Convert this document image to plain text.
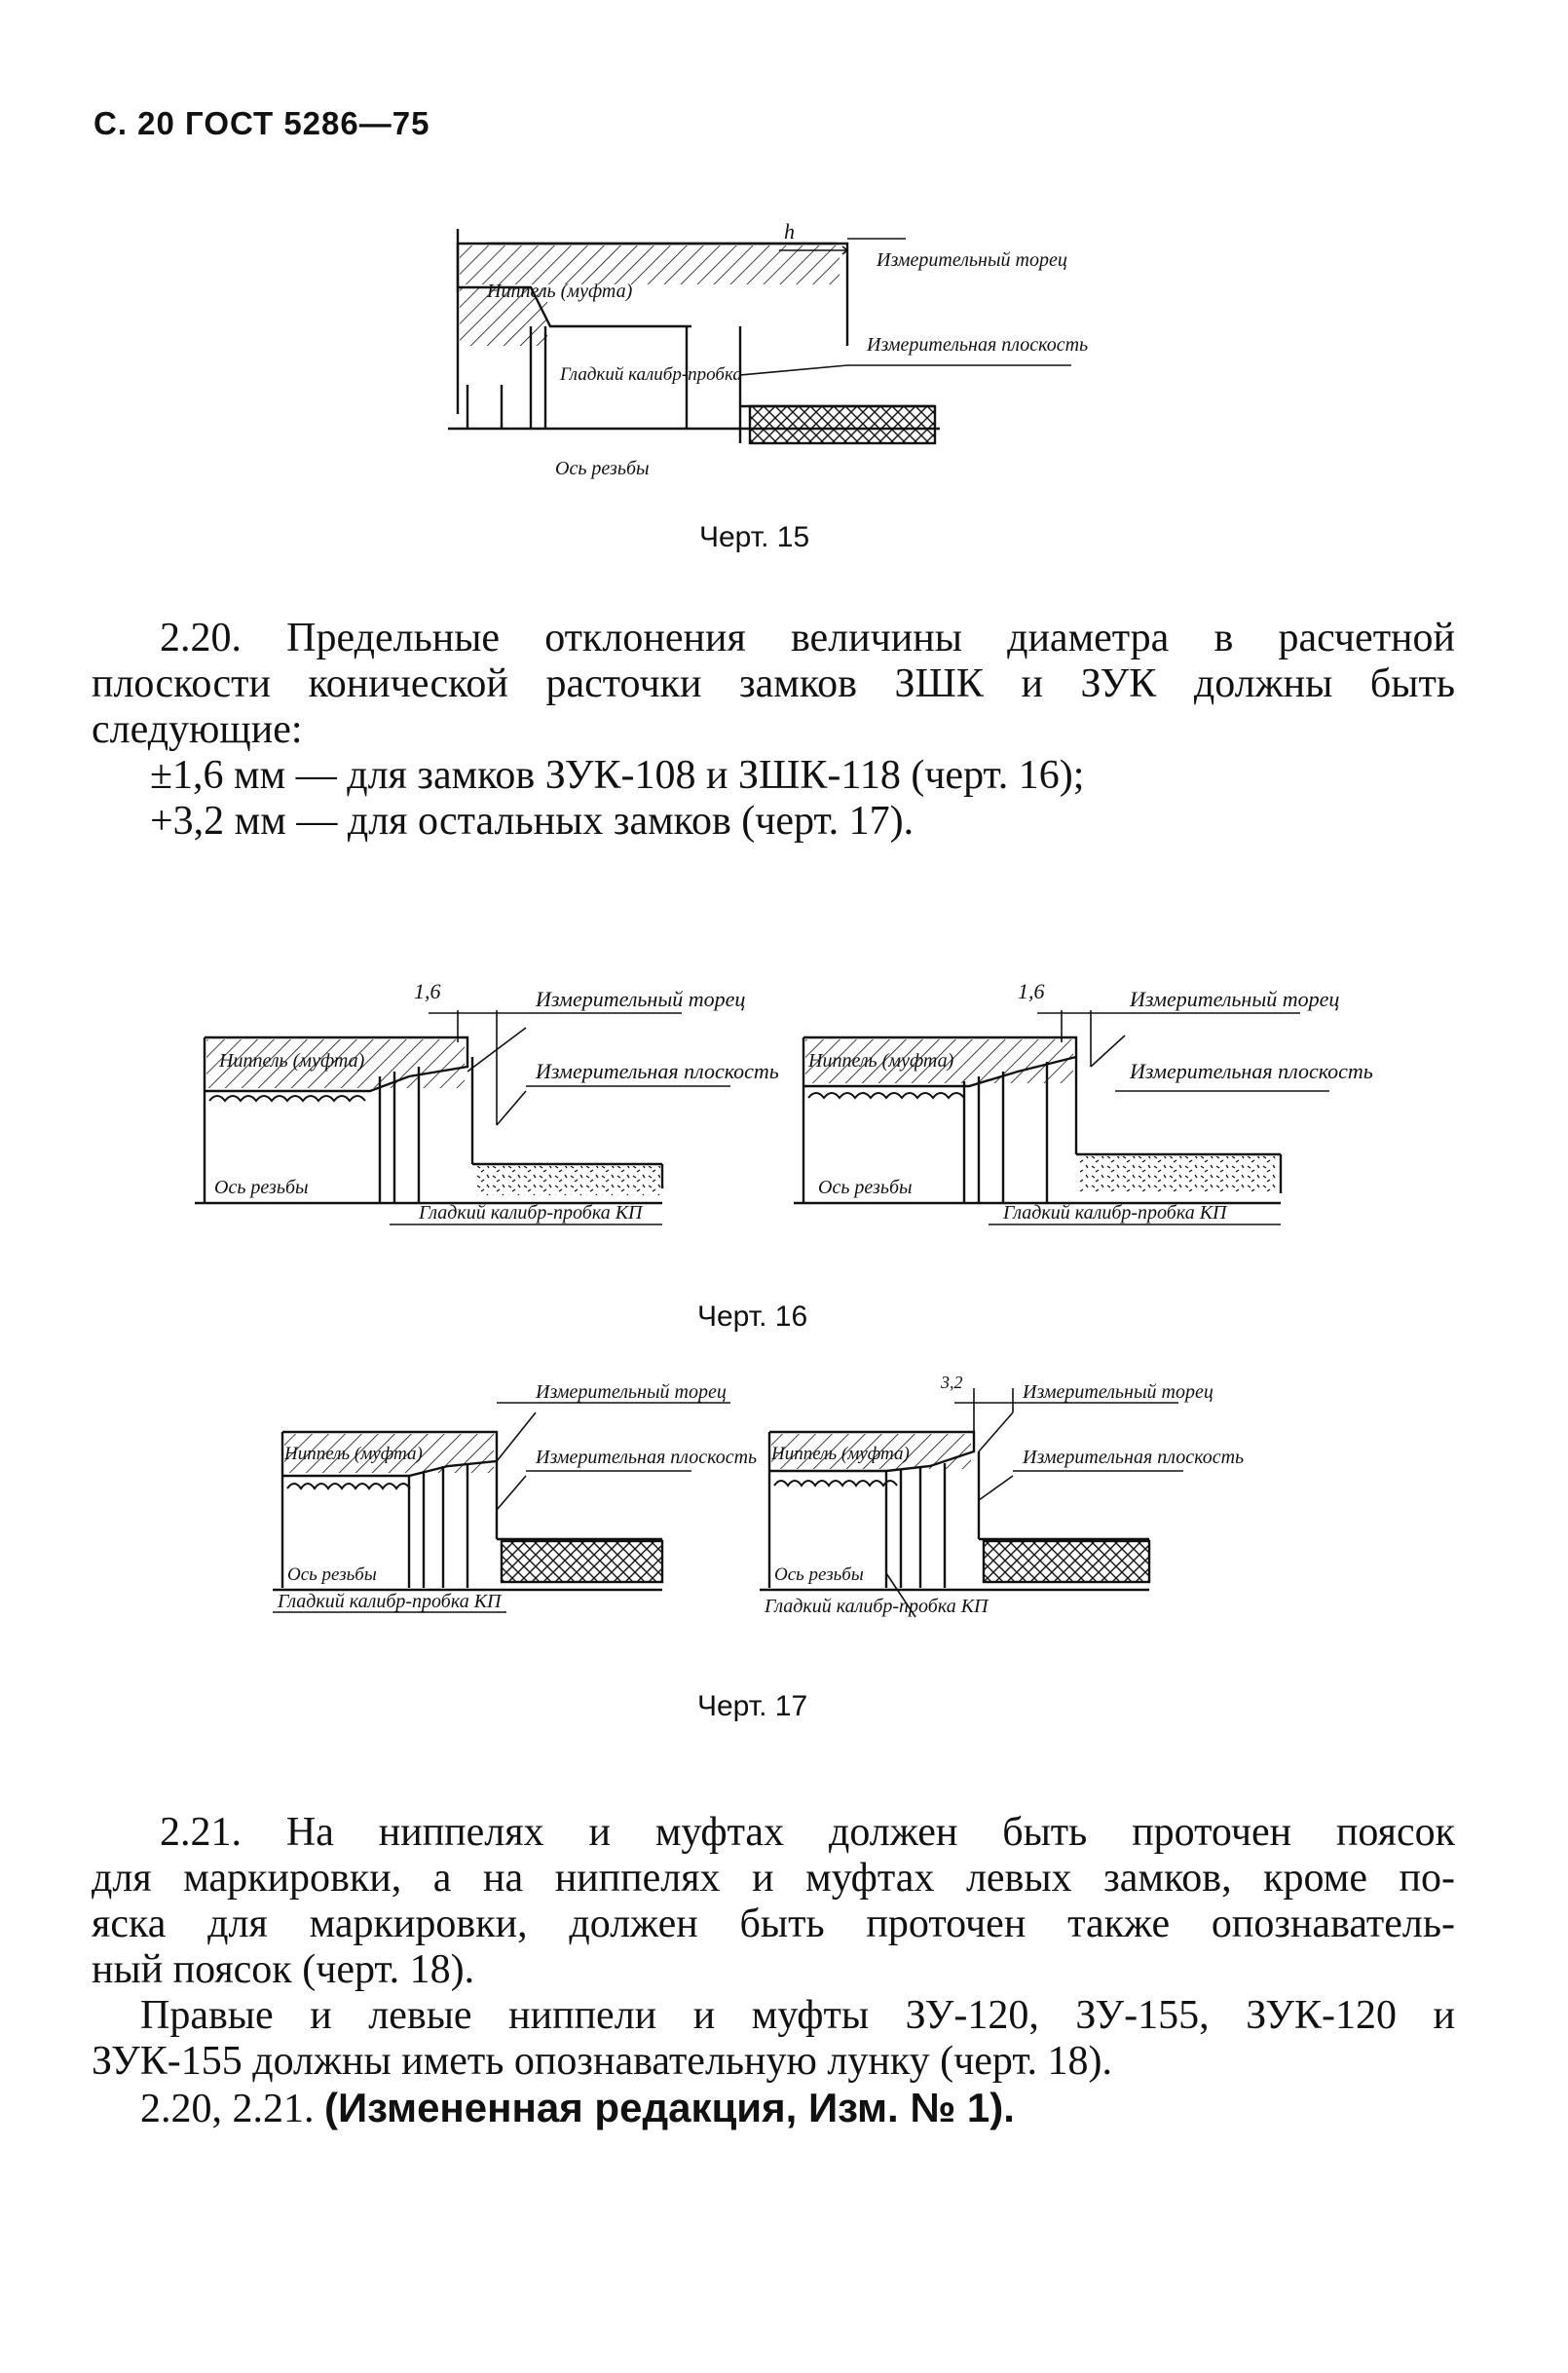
С. 20 ГОСТ 5286—75
h
Измерительный торец
Ниппель (муфта)
Гладкий калибр-пробка
Измерительная плоскость
Ось резьбы
Черт. 15
2.20. Предельные отклонения величины диаметра в расчетной
плоскости конической расточки замков ЗШК и ЗУК должны быть
следующие:
±1,6 мм — для замков ЗУК-108 и ЗШК-118 (черт. 16);
+3,2 мм — для остальных замков (черт. 17).
1,6	Измерительный торец
Ниппель (муфта)	Измерительная плоскость
Ось резьбы
Гладкий калибр-пробка КП
1,6	Измерительный торец
Ниппель (муфта)	Измерительная плоскость
Ось резьбы
Гладкий калибр-пробка КП
Черт. 16
Измерительный торец
Ниппель (муфта)	Измерительная плоскость
Ось резьбы
Гладкий калибр-пробка КП
3,2	Измерительный торец
Ниппель (муфта)	Измерительная плоскость
Ось резьбы
Гладкий калибр-пробка КП
Черт. 17
2.21. На ниппелях и муфтах должен быть проточен поясок
для маркировки, а на ниппелях и муфтах левых замков, кроме по-
яска для маркировки, должен быть проточен также опознаватель-
ный поясок (черт. 18).
Правые и левые ниппели и муфты ЗУ-120, ЗУ-155, ЗУК-120 и
ЗУК-155 должны иметь опознавательную лунку (черт. 18).
2.20, 2.21. (Измененная редакция, Изм. № 1).
